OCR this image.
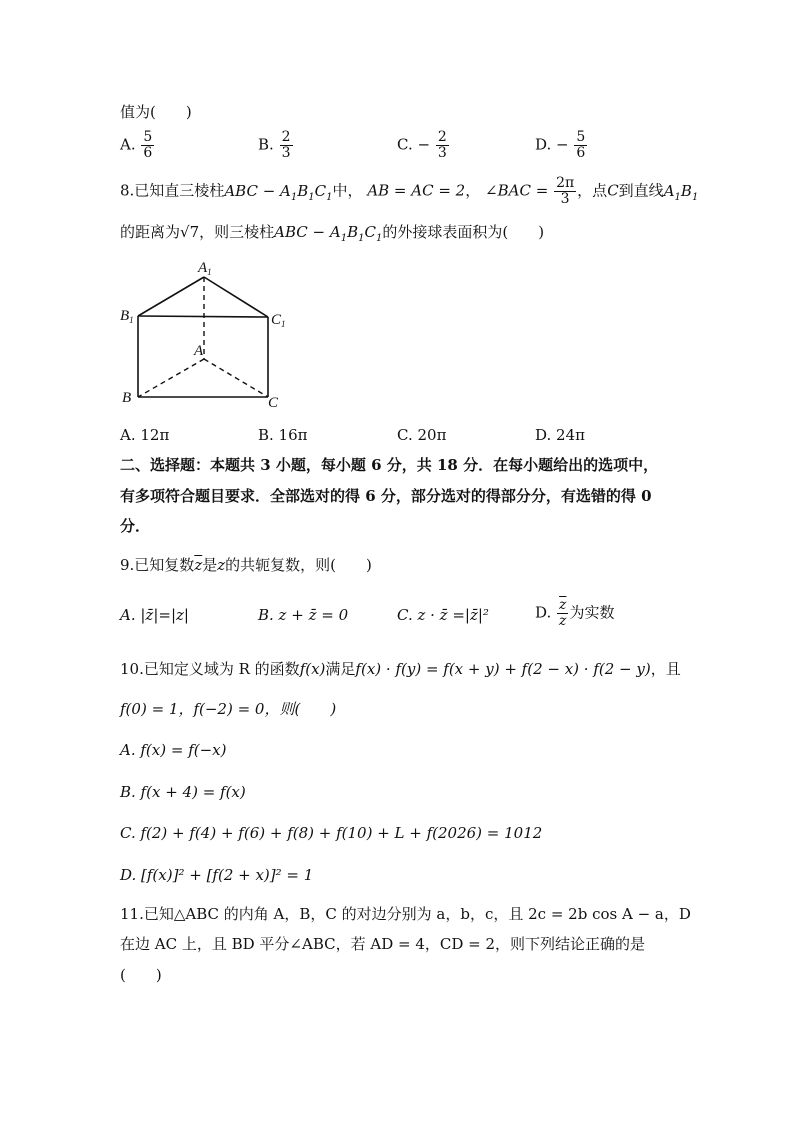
值为(　　)
A. $\frac{5}{6}$	B. $\frac{2}{3}$	C. − $\frac{2}{3}$	D. − $\frac{5}{6}$
8.已知直三棱柱ABC − $A_1B_1C_1$中， AB = AC = 2， ∠BAC = $\frac{2\pi}{3}$ ，点C到直线$A_1B_1$
的距离为√7，则三棱柱ABC − $A_1B_1C_1$的外接球表面积为(　　)
$A_1$
$B_1$	$C_1$
A
B	C
A. 12π	B. 16π	C. 20π	D. 24π
二、选择题：本题共 3 小题，每小题 6 分，共 18 分．在每小题给出的选项中，
有多项符合题目要求．全部选对的得 6 分，部分选对的得部分分，有选错的得 0
分．
9.已知复数$\overline{z}$是z的共轭复数，则(　　)
A. |z̄|=|z|	B. z + z̄ = 0	C. z · z̄ =|z̄|²	D. $\frac{\overline{z}}{z}$ 为实数
10.已知定义域为 R 的函数f(x)满足f(x) · f(y) = f(x + y) + f(2 − x) · f(2 − y)，且
f(0) = 1，f(−2) = 0，则(　　)
A. f(x) = f(−x)
B. f(x + 4) = f(x)
C. f(2) + f(4) + f(6) + f(8) + f(10) + L + f(2026) = 1012
D. [f(x)]² + [f(2 + x)]² = 1
11.已知△ABC 的内角 A，B，C 的对边分别为 a，b，c，且 2c = 2b cos A − a，D
在边 AC 上，且 BD 平分∠ABC，若 AD = 4，CD = 2，则下列结论正确的是
(　　)
